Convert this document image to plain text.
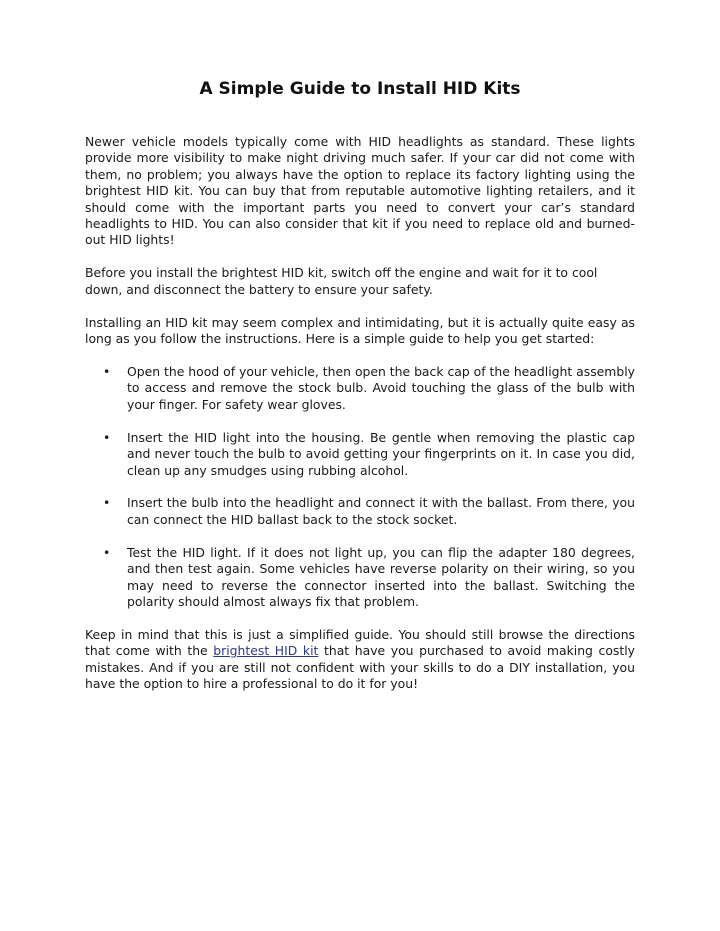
A Simple Guide to Install HID Kits

Newer vehicle models typically come with HID headlights as standard. These lights provide more visibility to make night driving much safer. If your car did not come with them, no problem; you always have the option to replace its factory lighting using the brightest HID kit. You can buy that from reputable automotive lighting retailers, and it should come with the important parts you need to convert your car’s standard headlights to HID. You can also consider that kit if you need to replace old and burned-out HID lights!

Before you install the brightest HID kit, switch off the engine and wait for it to cool down, and disconnect the battery to ensure your safety.

Installing an HID kit may seem complex and intimidating, but it is actually quite easy as long as you follow the instructions. Here is a simple guide to help you get started:

• Open the hood of your vehicle, then open the back cap of the headlight assembly to access and remove the stock bulb. Avoid touching the glass of the bulb with your finger. For safety wear gloves.
• Insert the HID light into the housing. Be gentle when removing the plastic cap and never touch the bulb to avoid getting your fingerprints on it. In case you did, clean up any smudges using rubbing alcohol.
• Insert the bulb into the headlight and connect it with the ballast. From there, you can connect the HID ballast back to the stock socket.
• Test the HID light. If it does not light up, you can flip the adapter 180 degrees, and then test again. Some vehicles have reverse polarity on their wiring, so you may need to reverse the connector inserted into the ballast. Switching the polarity should almost always fix that problem.

Keep in mind that this is just a simplified guide. You should still browse the directions that come with the brightest HID kit that have you purchased to avoid making costly mistakes. And if you are still not confident with your skills to do a DIY installation, you have the option to hire a professional to do it for you!
